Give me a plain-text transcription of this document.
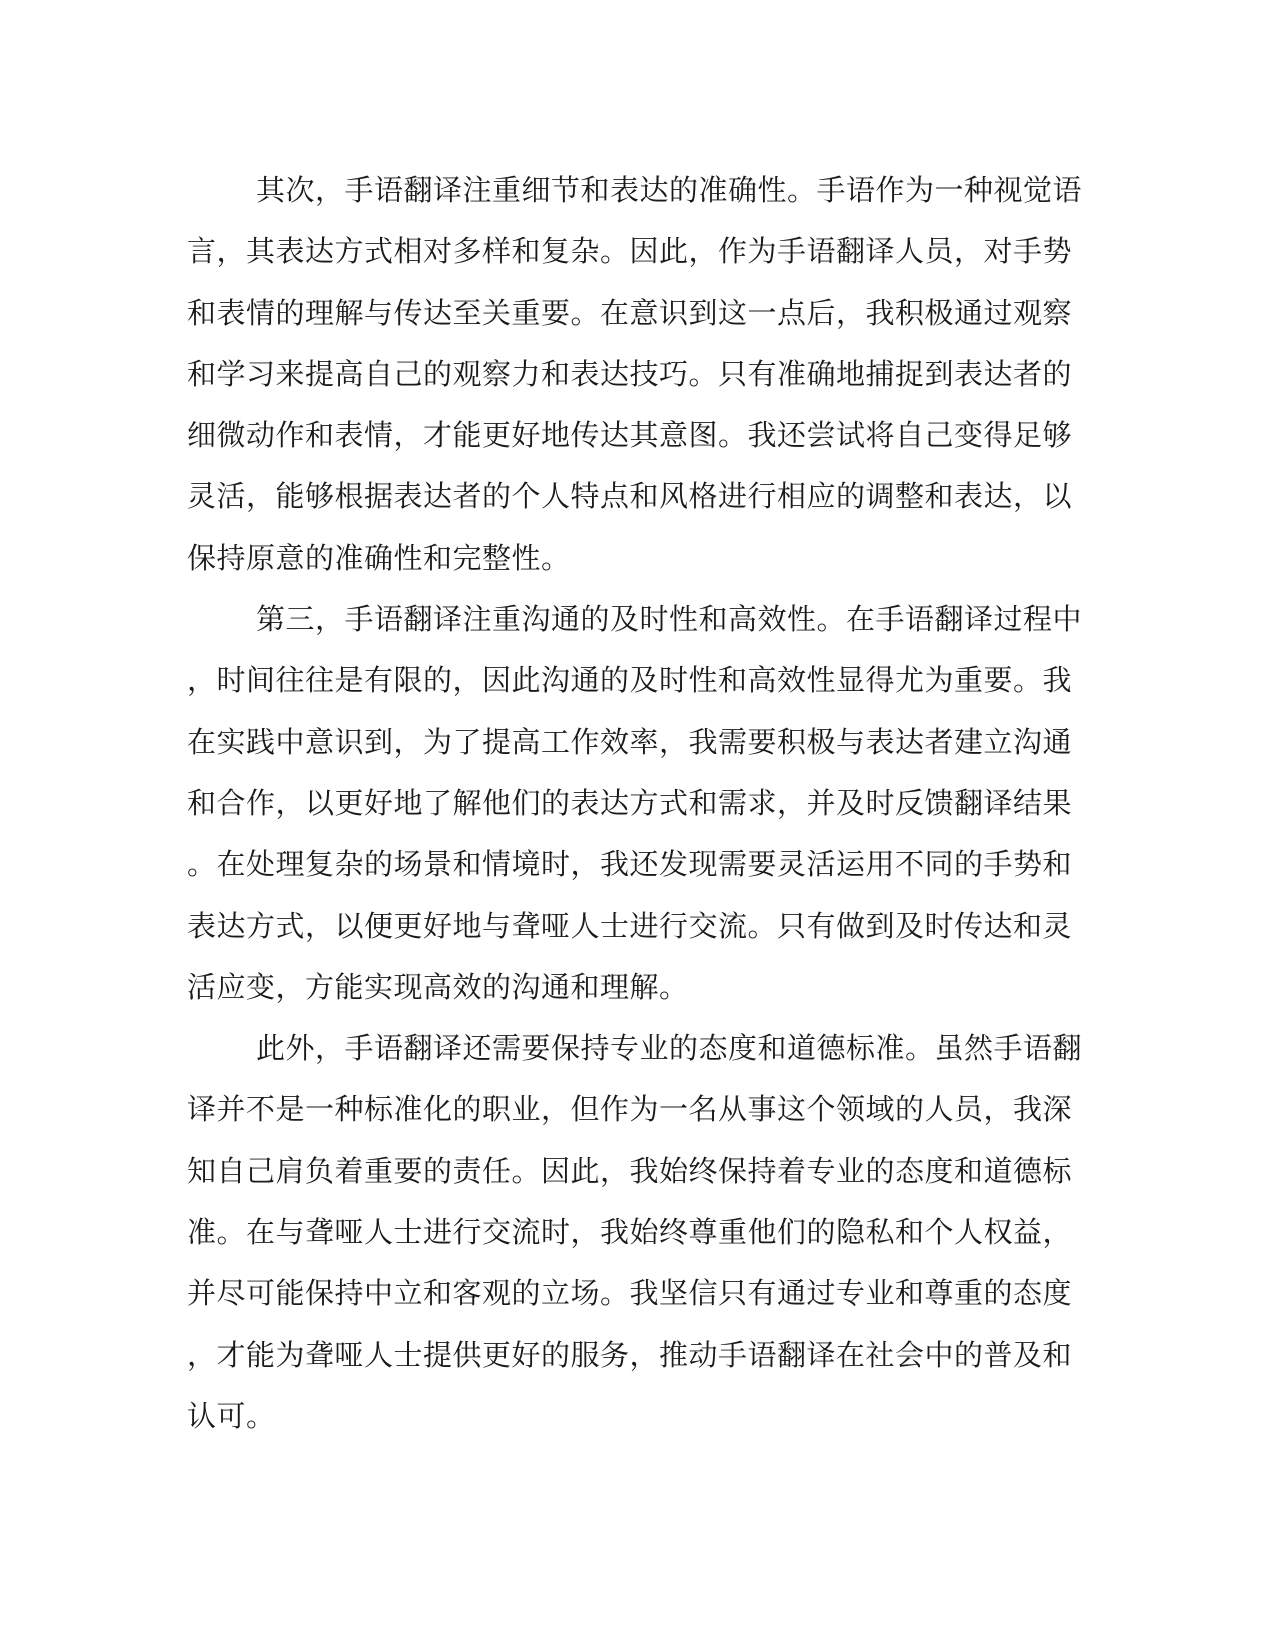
其次，手语翻译注重细节和表达的准确性。手语作为一种视觉语
言，其表达方式相对多样和复杂。因此，作为手语翻译人员，对手势
和表情的理解与传达至关重要。在意识到这一点后，我积极通过观察
和学习来提高自己的观察力和表达技巧。只有准确地捕捉到表达者的
细微动作和表情，才能更好地传达其意图。我还尝试将自己变得足够
灵活，能够根据表达者的个人特点和风格进行相应的调整和表达，以
保持原意的准确性和完整性。
第三，手语翻译注重沟通的及时性和高效性。在手语翻译过程中
，时间往往是有限的，因此沟通的及时性和高效性显得尤为重要。我
在实践中意识到，为了提高工作效率，我需要积极与表达者建立沟通
和合作，以更好地了解他们的表达方式和需求，并及时反馈翻译结果
。在处理复杂的场景和情境时，我还发现需要灵活运用不同的手势和
表达方式，以便更好地与聋哑人士进行交流。只有做到及时传达和灵
活应变，方能实现高效的沟通和理解。
此外，手语翻译还需要保持专业的态度和道德标准。虽然手语翻
译并不是一种标准化的职业，但作为一名从事这个领域的人员，我深
知自己肩负着重要的责任。因此，我始终保持着专业的态度和道德标
准。在与聋哑人士进行交流时，我始终尊重他们的隐私和个人权益，
并尽可能保持中立和客观的立场。我坚信只有通过专业和尊重的态度
，才能为聋哑人士提供更好的服务，推动手语翻译在社会中的普及和
认可。
